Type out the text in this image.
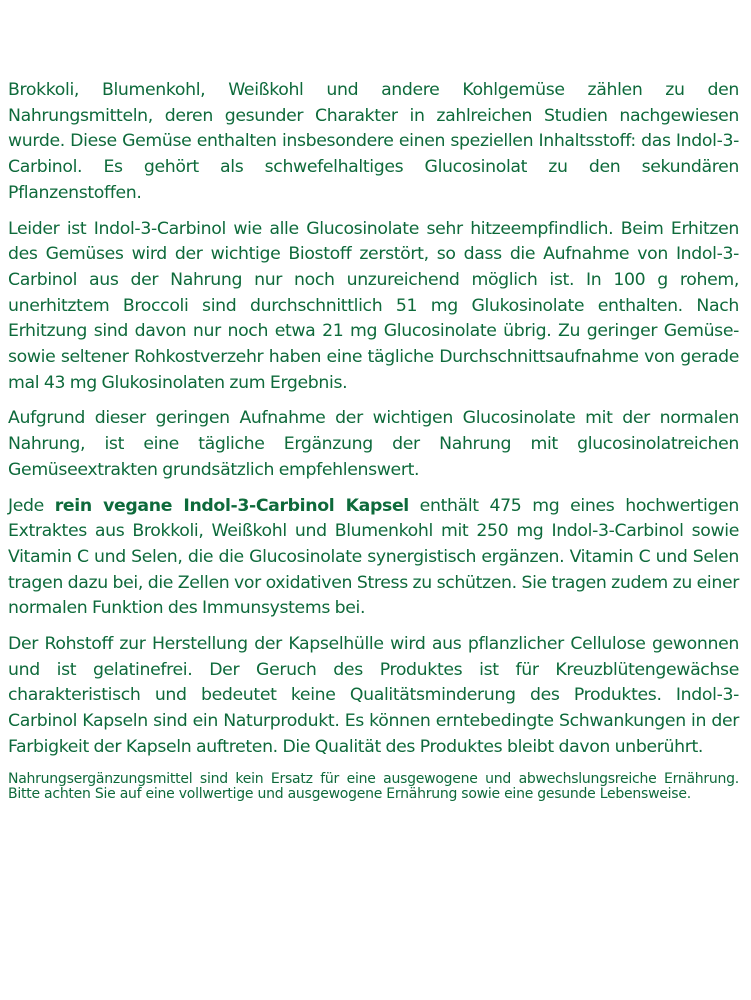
Brokkoli, Blumenkohl, Weißkohl und andere Kohlgemüse zählen zu den Nahrungsmitteln, deren gesunder Charakter in zahlreichen Studien nachgewiesen wurde. Diese Gemüse enthalten insbesondere einen speziellen Inhaltsstoff: das Indol-3-Carbinol. Es gehört als schwefelhaltiges Glucosinolat zu den sekundären Pflanzenstoffen.

Leider ist Indol-3-Carbinol wie alle Glucosinolate sehr hitzeempfindlich. Beim Erhitzen des Gemüses wird der wichtige Biostoff zerstört, so dass die Aufnahme von Indol-3-Carbinol aus der Nahrung nur noch unzureichend möglich ist. In 100 g rohem, unerhitztem Broccoli sind durchschnittlich 51 mg Glukosinolate enthalten. Nach Erhitzung sind davon nur noch etwa 21 mg Glucosinolate übrig. Zu geringer Gemüse- sowie seltener Rohkostverzehr haben eine tägliche Durchschnittsaufnahme von gerade mal 43 mg Glukosinolaten zum Ergebnis.

Aufgrund dieser geringen Aufnahme der wichtigen Glucosinolate mit der normalen Nahrung, ist eine tägliche Ergänzung der Nahrung mit glucosinolatreichen Gemüseextrakten grundsätzlich empfehlenswert.

Jede rein vegane Indol-3-Carbinol Kapsel enthält 475 mg eines hochwertigen Extraktes aus Brokkoli, Weißkohl und Blumenkohl mit 250 mg Indol-3-Carbinol sowie Vitamin C und Selen, die die Glucosinolate synergistisch ergänzen. Vitamin C und Selen tragen dazu bei, die Zellen vor oxidativen Stress zu schützen. Sie tragen zudem zu einer normalen Funktion des Immunsystems bei.

Der Rohstoff zur Herstellung der Kapselhülle wird aus pflanzlicher Cellulose gewonnen und ist gelatinefrei. Der Geruch des Produktes ist für Kreuzblütengewächse charakteristisch und bedeutet keine Qualitätsminderung des Produktes. Indol-3-Carbinol Kapseln sind ein Naturprodukt. Es können erntebedingte Schwankungen in der Farbigkeit der Kapseln auftreten. Die Qualität des Produktes bleibt davon unberührt.

Nahrungsergänzungsmittel sind kein Ersatz für eine ausgewogene und abwechslungsreiche Ernährung. Bitte achten Sie auf eine vollwertige und ausgewogene Ernährung sowie eine gesunde Lebensweise.
